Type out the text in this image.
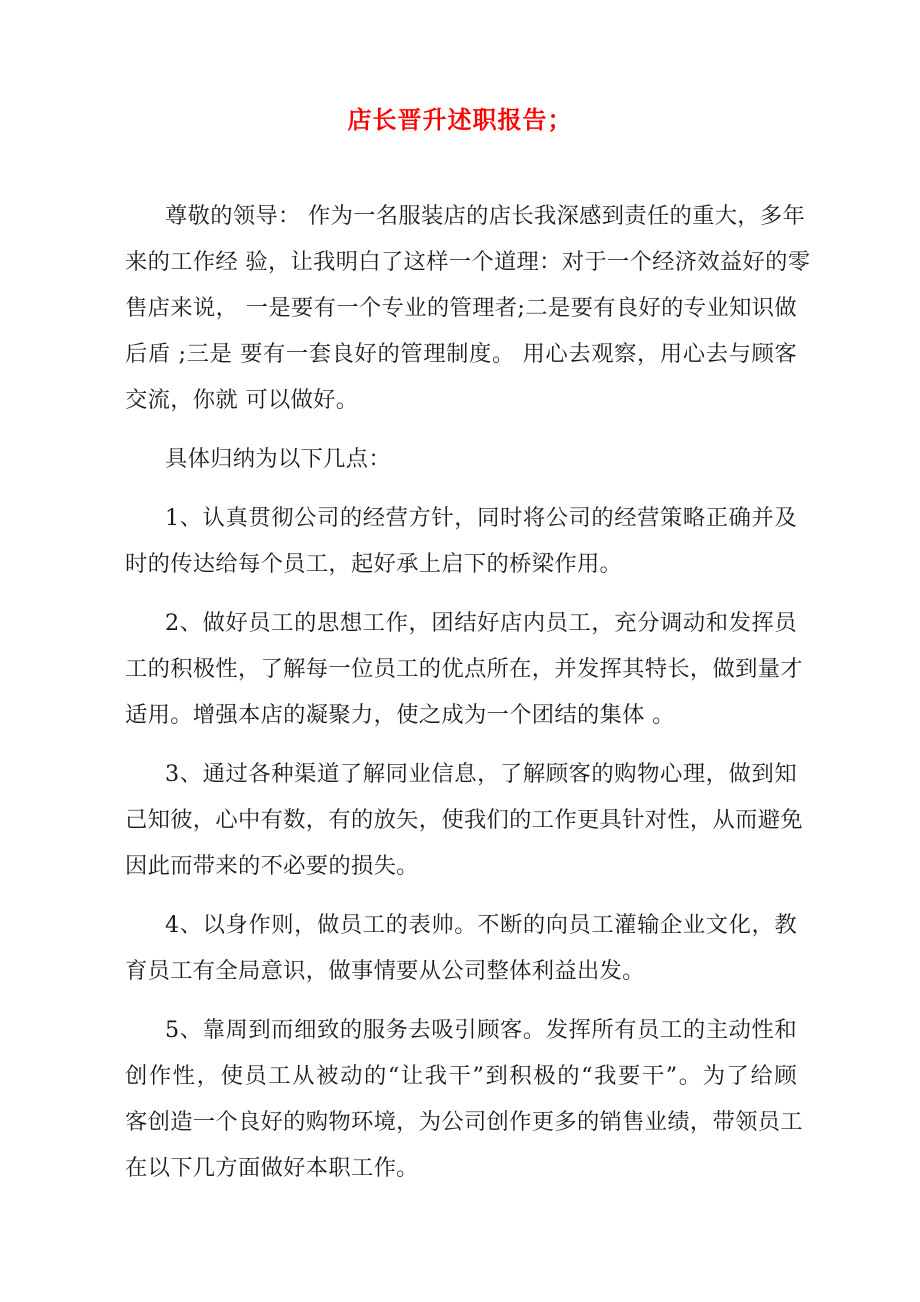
店长晋升述职报告；

尊敬的领导： 作为一名服装店的店长我深感到责任的重大，多年
来的工作经 验，让我明白了这样一个道理：对于一个经济效益好的零
售店来说， 一是要有一个专业的管理者;二是要有良好的专业知识做
后盾 ;三是 要有一套良好的管理制度。 用心去观察，用心去与顾客
交流，你就 可以做好。

具体归纳为以下几点：

1、认真贯彻公司的经营方针，同时将公司的经营策略正确并及
时的传达给每个员工，起好承上启下的桥梁作用。

2、做好员工的思想工作，团结好店内员工，充分调动和发挥员
工的积极性，了解每一位员工的优点所在，并发挥其特长，做到量才
适用。增强本店的凝聚力，使之成为一个团结的集体 。

3、通过各种渠道了解同业信息，了解顾客的购物心理，做到知
己知彼，心中有数，有的放矢，使我们的工作更具针对性，从而避免
因此而带来的不必要的损失。

4、以身作则，做员工的表帅。不断的向员工灌输企业文化，教
育员工有全局意识，做事情要从公司整体利益出发。

5、靠周到而细致的服务去吸引顾客。发挥所有员工的主动性和
创作性，使员工从被动的“让我干”到积极的“我要干”。为了给顾
客创造一个良好的购物环境，为公司创作更多的销售业绩，带领员工
在以下几方面做好本职工作。
